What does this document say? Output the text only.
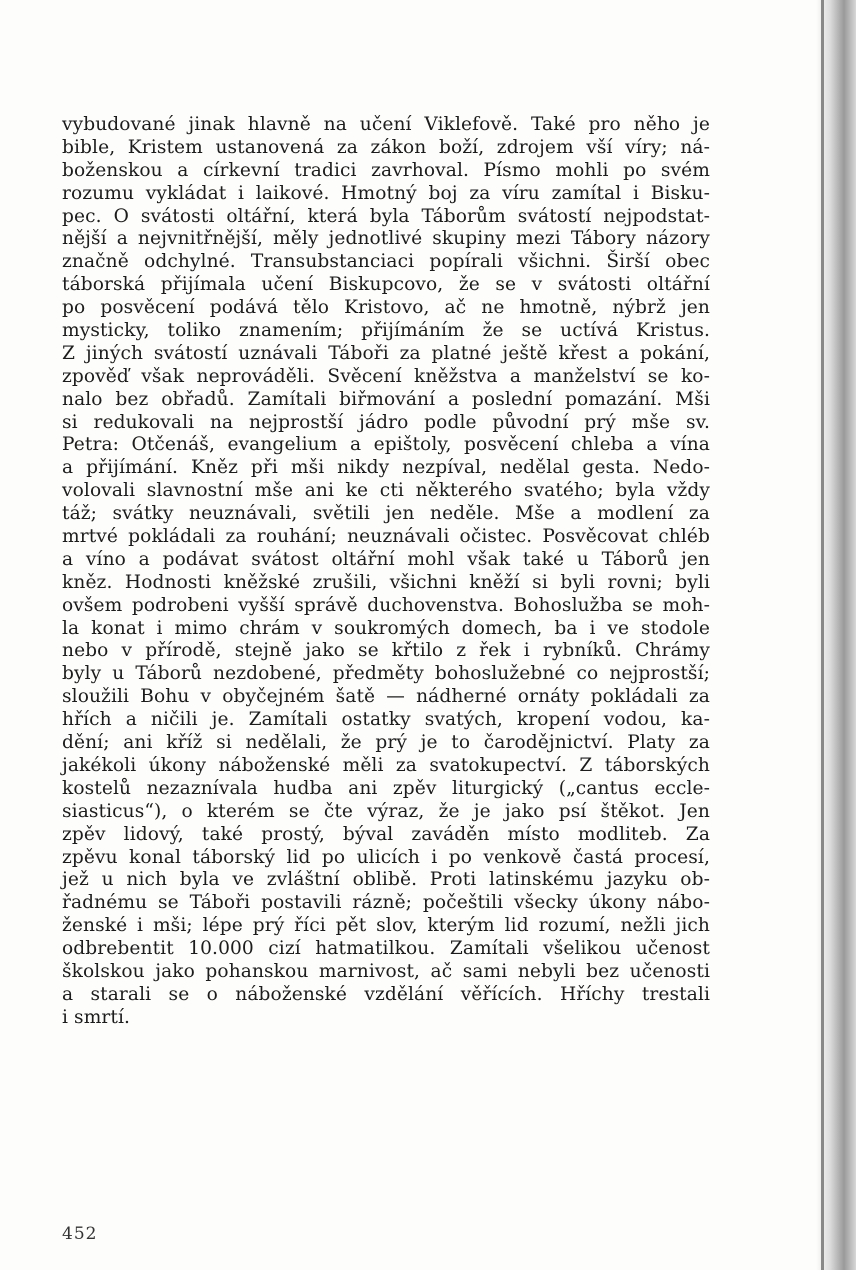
vybudované jinak hlavně na učení Viklefově. Také pro něho je
bible, Kristem ustanovená za zákon boží, zdrojem vší víry; ná-
boženskou a církevní tradici zavrhoval. Písmo mohli po svém
rozumu vykládat i laikové. Hmotný boj za víru zamítal i Bisku-
pec. O svátosti oltářní, která byla Táborům svátostí nejpodstat-
nější a nejvnitřnější, měly jednotlivé skupiny mezi Tábory názory
značně odchylné. Transubstanciaci popírali všichni. Širší obec
táborská přijímala učení Biskupcovo, že se v svátosti oltářní
po posvěcení podává tělo Kristovo, ač ne hmotně, nýbrž jen
mysticky, toliko znamením; přijímáním že se uctívá Kristus.
Z jiných svátostí uznávali Táboři za platné ještě křest a pokání,
zpověď však neprováděli. Svěcení kněžstva a manželství se ko-
nalo bez obřadů. Zamítali biřmování a poslední pomazání. Mši
si redukovali na nejprostší jádro podle původní prý mše sv.
Petra: Otčenáš, evangelium a epištoly, posvěcení chleba a vína
a přijímání. Kněz při mši nikdy nezpíval, nedělal gesta. Nedo-
volovali slavnostní mše ani ke cti některého svatého; byla vždy
táž; svátky neuznávali, světili jen neděle. Mše a modlení za
mrtvé pokládali za rouhání; neuznávali očistec. Posvěcovat chléb
a víno a podávat svátost oltářní mohl však také u Táborů jen
kněz. Hodnosti kněžské zrušili, všichni kněží si byli rovni; byli
ovšem podrobeni vyšší správě duchovenstva. Bohoslužba se moh-
la konat i mimo chrám v soukromých domech, ba i ve stodole
nebo v přírodě, stejně jako se křtilo z řek i rybníků. Chrámy
byly u Táborů nezdobené, předměty bohoslužebné co nejprostší;
sloužili Bohu v obyčejném šatě — nádherné ornáty pokládali za
hřích a ničili je. Zamítali ostatky svatých, kropení vodou, ka-
dění; ani kříž si nedělali, že prý je to čarodějnictví. Platy za
jakékoli úkony náboženské měli za svatokupectví. Z táborských
kostelů nezaznívala hudba ani zpěv liturgický („cantus eccle-
siasticus“), o kterém se čte výraz, že je jako psí štěkot. Jen
zpěv lidový, také prostý, býval zaváděn místo modliteb. Za
zpěvu konal táborský lid po ulicích i po venkově častá procesí,
jež u nich byla ve zvláštní oblibě. Proti latinskému jazyku ob-
řadnému se Táboři postavili rázně; počeštili všecky úkony nábo-
ženské i mši; lépe prý říci pět slov, kterým lid rozumí, nežli jich
odbrebentit 10.000 cizí hatmatilkou. Zamítali všelikou učenost
školskou jako pohanskou marnivost, ač sami nebyli bez učenosti
a starali se o náboženské vzdělání věřících. Hříchy trestali
i smrtí.
452
